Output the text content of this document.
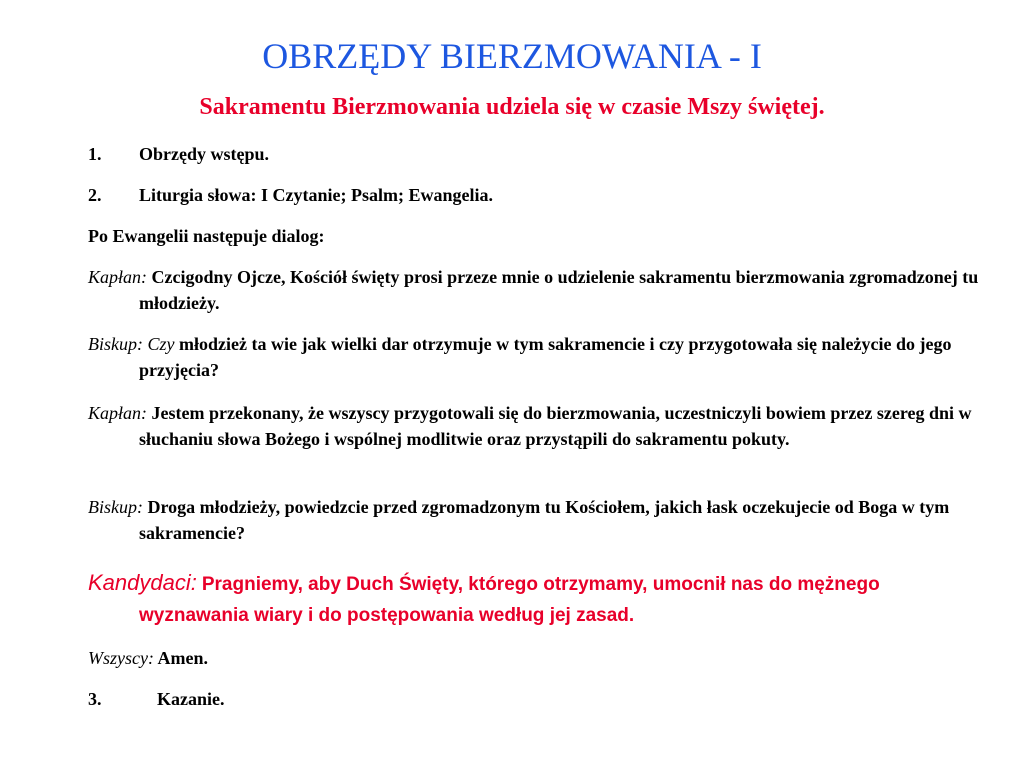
OBRZĘDY BIERZMOWANIA - I

Sakramentu Bierzmowania udziela się w czasie Mszy świętej.

1. Obrzędy wstępu.
2. Liturgia słowa: I Czytanie; Psalm; Ewangelia.
Po Ewangelii następuje dialog:
Kapłan: Czcigodny Ojcze, Kościół święty prosi przeze mnie o udzielenie sakramentu bierzmowania zgromadzonej tu młodzieży.
Biskup: Czy młodzież ta wie jak wielki dar otrzymuje w tym sakramencie i czy przygotowała się należycie do jego przyjęcia?
Kapłan: Jestem przekonany, że wszyscy przygotowali się do bierzmowania, uczestniczyli bowiem przez szereg dni w słuchaniu słowa Bożego i wspólnej modlitwie oraz przystąpili do sakramentu pokuty.
Biskup: Droga młodzieży, powiedzcie przed zgromadzonym tu Kościołem, jakich łask oczekujecie od Boga w tym sakramencie?
Kandydaci: Pragniemy, aby Duch Święty, którego otrzymamy, umocnił nas do mężnego wyznawania wiary i do postępowania według jej zasad.
Wszyscy: Amen.
3.	Kazanie.
